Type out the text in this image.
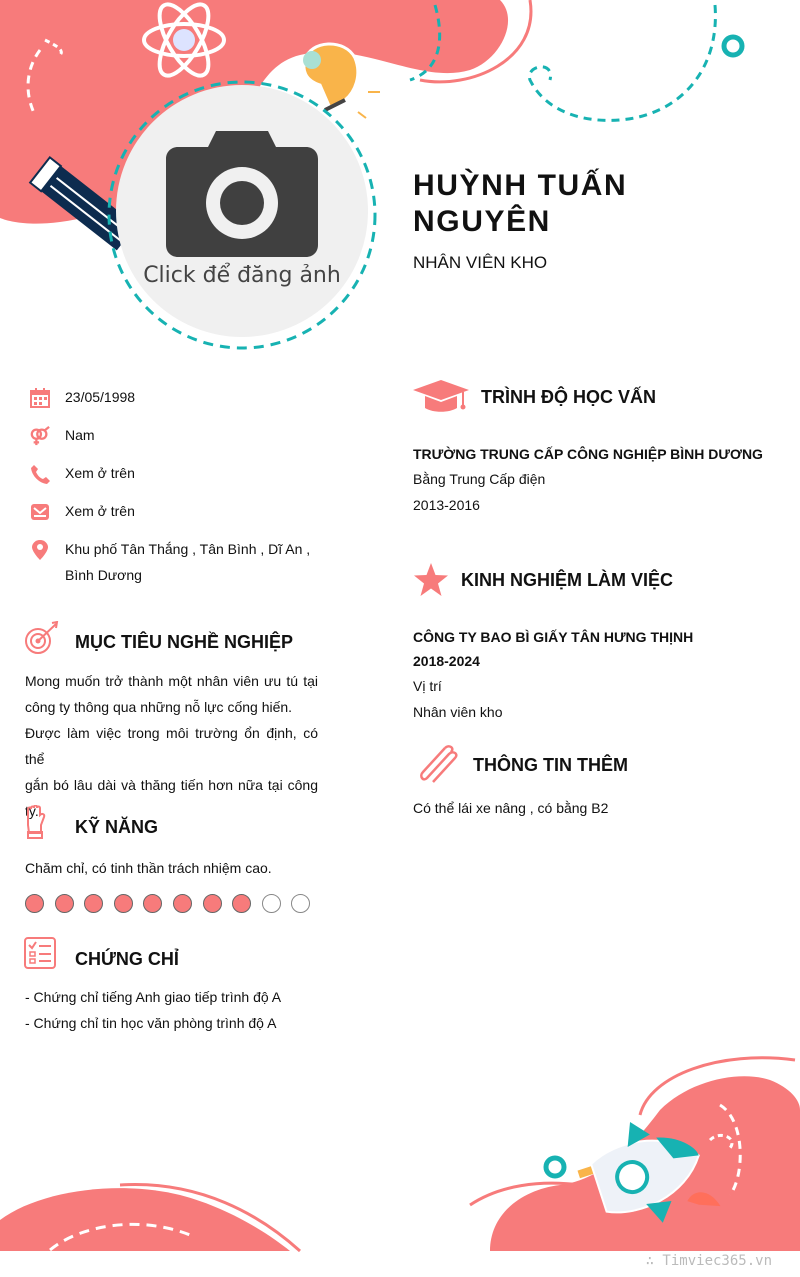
Click để đăng ảnh
HUỲNH TUẤN
NGUYÊN
NHÂN VIÊN KHO
23/05/1998
Nam
Xem ở trên
Xem ở trên
Khu phố Tân Thắng , Tân Bình , Dĩ An ,
Bình Dương
MỤC TIÊU NGHỀ NGHIỆP
Mong muốn trở thành một nhân viên ưu tú tại
công ty thông qua những nỗ lực cống hiến.
Được làm việc trong môi trường ổn định, có thể
gắn bó lâu dài và thăng tiến hơn nữa tại công
ty.
KỸ NĂNG
Chăm chỉ, có tinh thần trách nhiệm cao.
CHỨNG CHỈ
- Chứng chỉ tiếng Anh giao tiếp trình độ A
- Chứng chỉ tin học văn phòng trình độ A
TRÌNH ĐỘ HỌC VẤN
TRƯỜNG TRUNG CẤP CÔNG NGHIỆP BÌNH DƯƠNG
Bằng Trung Cấp điện
2013-2016
KINH NGHIỆM LÀM VIỆC
CÔNG TY BAO BÌ GIẤY TÂN HƯNG THỊNH
2018-2024
Vị trí
Nhân viên kho
THÔNG TIN THÊM
Có thể lái xe nâng , có bằng B2
∴ Timviec365.vn
